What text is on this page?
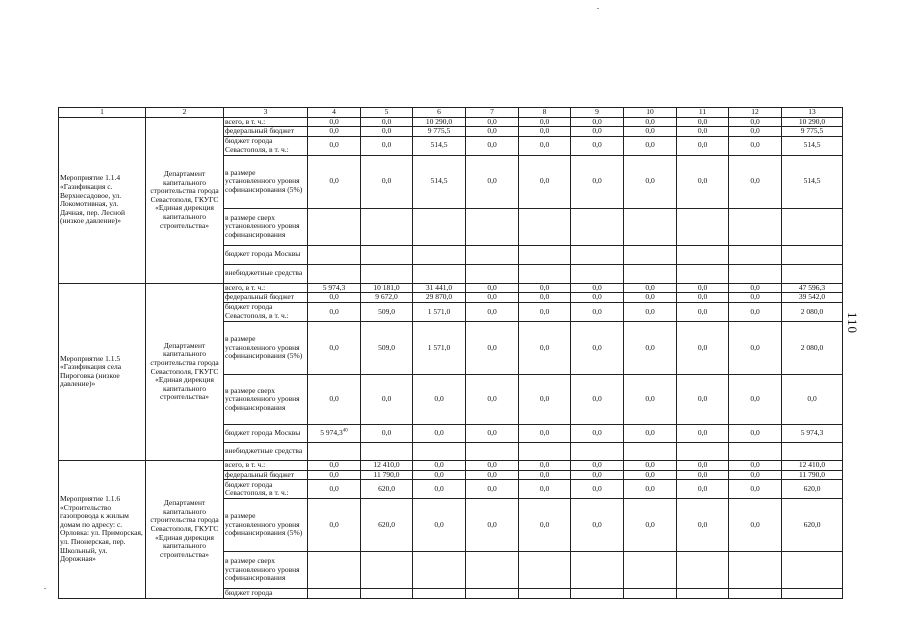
110
1	2	3	4	5	6	7	8	9	10	11	12	13
Мероприятие 1.1.4 «Газификация с. Верхнесадовое, ул. Локомотивная, ул. Дачная, пер. Лесной (низкое давление)»	Департамент капитального строительства города Севастополя, ГКУГС «Единая дирекция капитального строительства»	всего, в т. ч.:	0,0	0,0	10 290,0	0,0	0,0	0,0	0,0	0,0	0,0	10 290,0
		федеральный бюджет	0,0	0,0	9 775,5	0,0	0,0	0,0	0,0	0,0	0,0	9 775,5
		бюджет города Севастополя, в т. ч.:	0,0	0,0	514,5	0,0	0,0	0,0	0,0	0,0	0,0	514,5
		в размере установленного уровня софинансирования (5%)	0,0	0,0	514,5	0,0	0,0	0,0	0,0	0,0	0,0	514,5
		в размере сверх установленного уровня софинансирования										
		бюджет города Москвы										
		внебюджетные средства										
Мероприятие 1.1.5 «Газификация села Пироговка (низкое давление)»	Департамент капитального строительства города Севастополя, ГКУГС «Единая дирекция капитального строительства»	всего, в т. ч.:	5 974,3	10 181,0	31 441,0	0,0	0,0	0,0	0,0	0,0	0,0	47 596,3
		федеральный бюджет	0,0	9 672,0	29 870,0	0,0	0,0	0,0	0,0	0,0	0,0	39 542,0
		бюджет города Севастополя, в т. ч.:	0,0	509,0	1 571,0	0,0	0,0	0,0	0,0	0,0	0,0	2 080,0
		в размере установленного уровня софинансирования (5%)	0,0	509,0	1 571,0	0,0	0,0	0,0	0,0	0,0	0,0	2 080,0
		в размере сверх установленного уровня софинансирования	0,0	0,0	0,0	0,0	0,0	0,0	0,0	0,0	0,0	0,0
		бюджет города Москвы	5 974,3$^{40}$	0,0	0,0	0,0	0,0	0,0	0,0	0,0	0,0	5 974,3
		внебюджетные средства										
Мероприятие 1.1.6 «Строительство газопровода к жилым домам по адресу: с. Орловка: ул. Приморская, ул. Пионерская, пер. Школьный, ул. Дорожная»	Департамент капитального строительства города Севастополя, ГКУГС «Единая дирекция капитального строительства»	всего, в т. ч.:	0,0	12 410,0	0,0	0,0	0,0	0,0	0,0	0,0	0,0	12 410,0
		федеральный бюджет	0,0	11 790,0	0,0	0,0	0,0	0,0	0,0	0,0	0,0	11 790,0
		бюджет города Севастополя, в т. ч.:	0,0	620,0	0,0	0,0	0,0	0,0	0,0	0,0	0,0	620,0
		в размере установленного уровня софинансирования (5%)	0,0	620,0	0,0	0,0	0,0	0,0	0,0	0,0	0,0	620,0
		в размере сверх установленного уровня софинансирования										
		бюджет города										
